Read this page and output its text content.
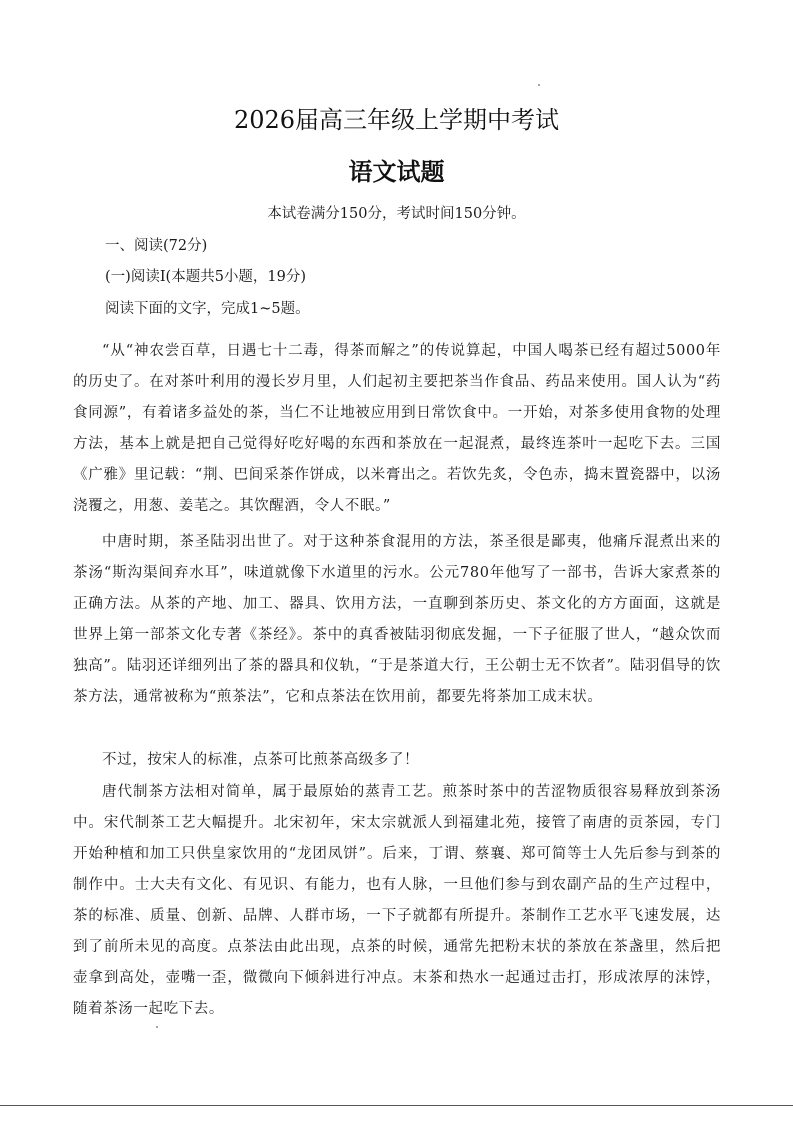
2026届高三年级上学期中考试
语文试题
本试卷满分150分，考试时间150分钟。
一、阅读(72分)
(一)阅读Ⅰ(本题共5小题，19分)
阅读下面的文字，完成1~5题。

“从“神农尝百草，日遇七十二毒，得茶而解之”的传说算起，中国人喝茶已经有超过5000年的历史了。在对茶叶利用的漫长岁月里，人们起初主要把茶当作食品、药品来使用。国人认为“药食同源”，有着诸多益处的茶，当仁不让地被应用到日常饮食中。一开始，对茶多使用食物的处理方法，基本上就是把自己觉得好吃好喝的东西和茶放在一起混煮，最终连茶叶一起吃下去。三国《广雅》里记载：“荆、巴间采茶作饼成，以米膏出之。若饮先炙，令色赤，捣末置瓷器中，以汤浇覆之，用葱、姜芼之。其饮醒酒，令人不眠。”

中唐时期，茶圣陆羽出世了。对于这种茶食混用的方法，茶圣很是鄙夷，他痛斥混煮出来的茶汤“斯沟渠间弃水耳”，味道就像下水道里的污水。公元780年他写了一部书，告诉大家煮茶的正确方法。从茶的产地、加工、器具、饮用方法，一直聊到茶历史、茶文化的方方面面，这就是世界上第一部茶文化专著《茶经》。茶中的真香被陆羽彻底发掘，一下子征服了世人，“越众饮而独高”。陆羽还详细列出了茶的器具和仪轨，“于是茶道大行，王公朝士无不饮者”。陆羽倡导的饮茶方法，通常被称为“煎茶法”，它和点茶法在饮用前，都要先将茶加工成末状。

不过，按宋人的标准，点茶可比煎茶高级多了！

唐代制茶方法相对简单，属于最原始的蒸青工艺。煎茶时茶中的苦涩物质很容易释放到茶汤中。宋代制茶工艺大幅提升。北宋初年，宋太宗就派人到福建北苑，接管了南唐的贡茶园，专门开始种植和加工只供皇家饮用的“龙团凤饼”。后来，丁谓、蔡襄、郑可简等士人先后参与到茶的制作中。士大夫有文化、有见识、有能力，也有人脉，一旦他们参与到农副产品的生产过程中，茶的标准、质量、创新、品牌、人群市场，一下子就都有所提升。茶制作工艺水平飞速发展，达到了前所未见的高度。点茶法由此出现，点茶的时候，通常先把粉末状的茶放在茶盏里，然后把壶拿到高处，壶嘴一歪，微微向下倾斜进行冲点。末茶和热水一起通过击打，形成浓厚的沫饽，随着茶汤一起吃下去。
